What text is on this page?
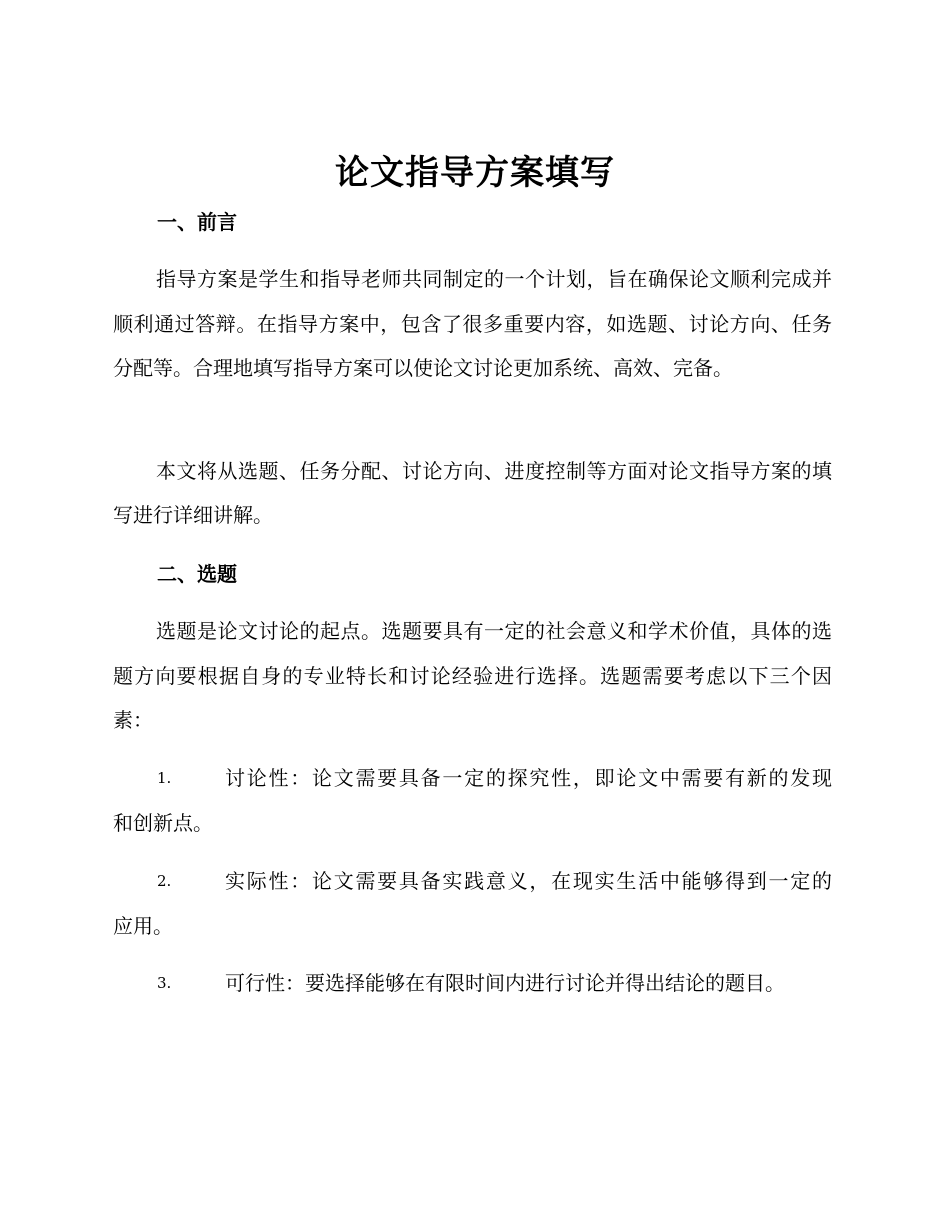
论文指导方案填写
一、前言

指导方案是学生和指导老师共同制定的一个计划，旨在确保论文顺利完成并顺利通过答辩。在指导方案中，包含了很多重要内容，如选题、讨论方向、任务分配等。合理地填写指导方案可以使论文讨论更加系统、高效、完备。

本文将从选题、任务分配、讨论方向、进度控制等方面对论文指导方案的填写进行详细讲解。

二、选题

选题是论文讨论的起点。选题要具有一定的社会意义和学术价值，具体的选题方向要根据自身的专业特长和讨论经验进行选择。选题需要考虑以下三个因素：

1.	讨论性：论文需要具备一定的探究性，即论文中需要有新的发现
和创新点。
2.	实际性：论文需要具备实践意义，在现实生活中能够得到一定的
应用。
3.	可行性：要选择能够在有限时间内进行讨论并得出结论的题目。
